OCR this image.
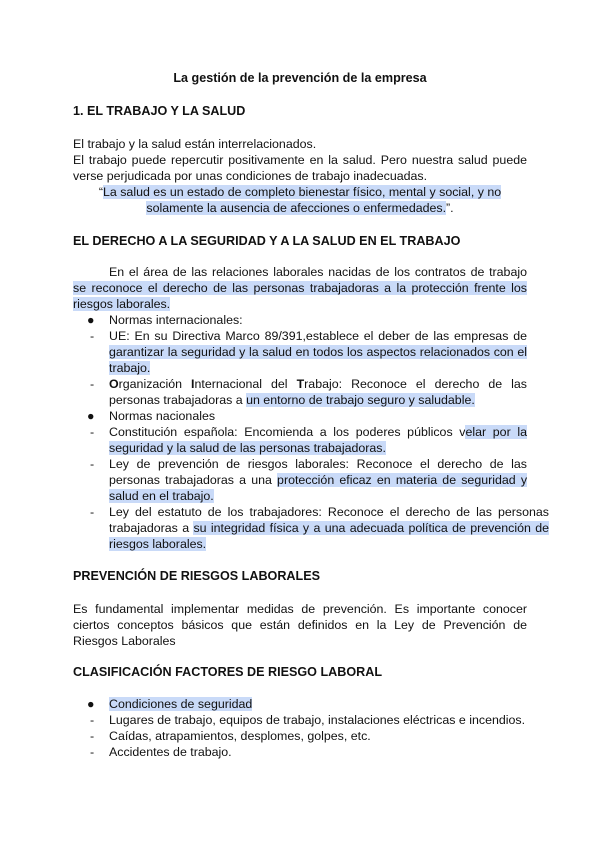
La gestión de la prevención de la empresa
1. EL TRABAJO Y LA SALUD

El trabajo y la salud están interrelacionados.

El trabajo puede repercutir positivamente en la salud. Pero nuestra salud puede verse perjudicada por unas condiciones de trabajo inadecuadas.

“La salud es un estado de completo bienestar físico, mental y social, y no solamente la ausencia de afecciones o enfermedades.”.

EL DERECHO A LA SEGURIDAD Y A LA SALUD EN EL TRABAJO

En el área de las relaciones laborales nacidas de los contratos de trabajo se reconoce el derecho de las personas trabajadoras a la protección frente los riesgos laborales.

● Normas internacionales:
- UE: En su Directiva Marco 89/391,establece el deber de las empresas de garantizar la seguridad y la salud en todos los aspectos relacionados con el trabajo.
- Organización Internacional del Trabajo: Reconoce el derecho de las personas trabajadoras a un entorno de trabajo seguro y saludable.
● Normas nacionales
- Constitución española: Encomienda a los poderes públicos velar por la seguridad y la salud de las personas trabajadoras.
- Ley de prevención de riesgos laborales: Reconoce el derecho de las personas trabajadoras a una protección eficaz en materia de seguridad y salud en el trabajo.
- Ley del estatuto de los trabajadores: Reconoce el derecho de las personas trabajadoras a su integridad física y a una adecuada política de prevención de riesgos laborales.
PREVENCIÓN DE RIESGOS LABORALES
Es fundamental implementar medidas de prevención. Es importante conocer ciertos conceptos básicos que están definidos en la Ley de Prevención de Riesgos Laborales
CLASIFICACIÓN FACTORES DE RIESGO LABORAL
● Condiciones de seguridad
- Lugares de trabajo, equipos de trabajo, instalaciones eléctricas e incendios.
- Caídas, atrapamientos, desplomes, golpes, etc.
- Accidentes de trabajo.
